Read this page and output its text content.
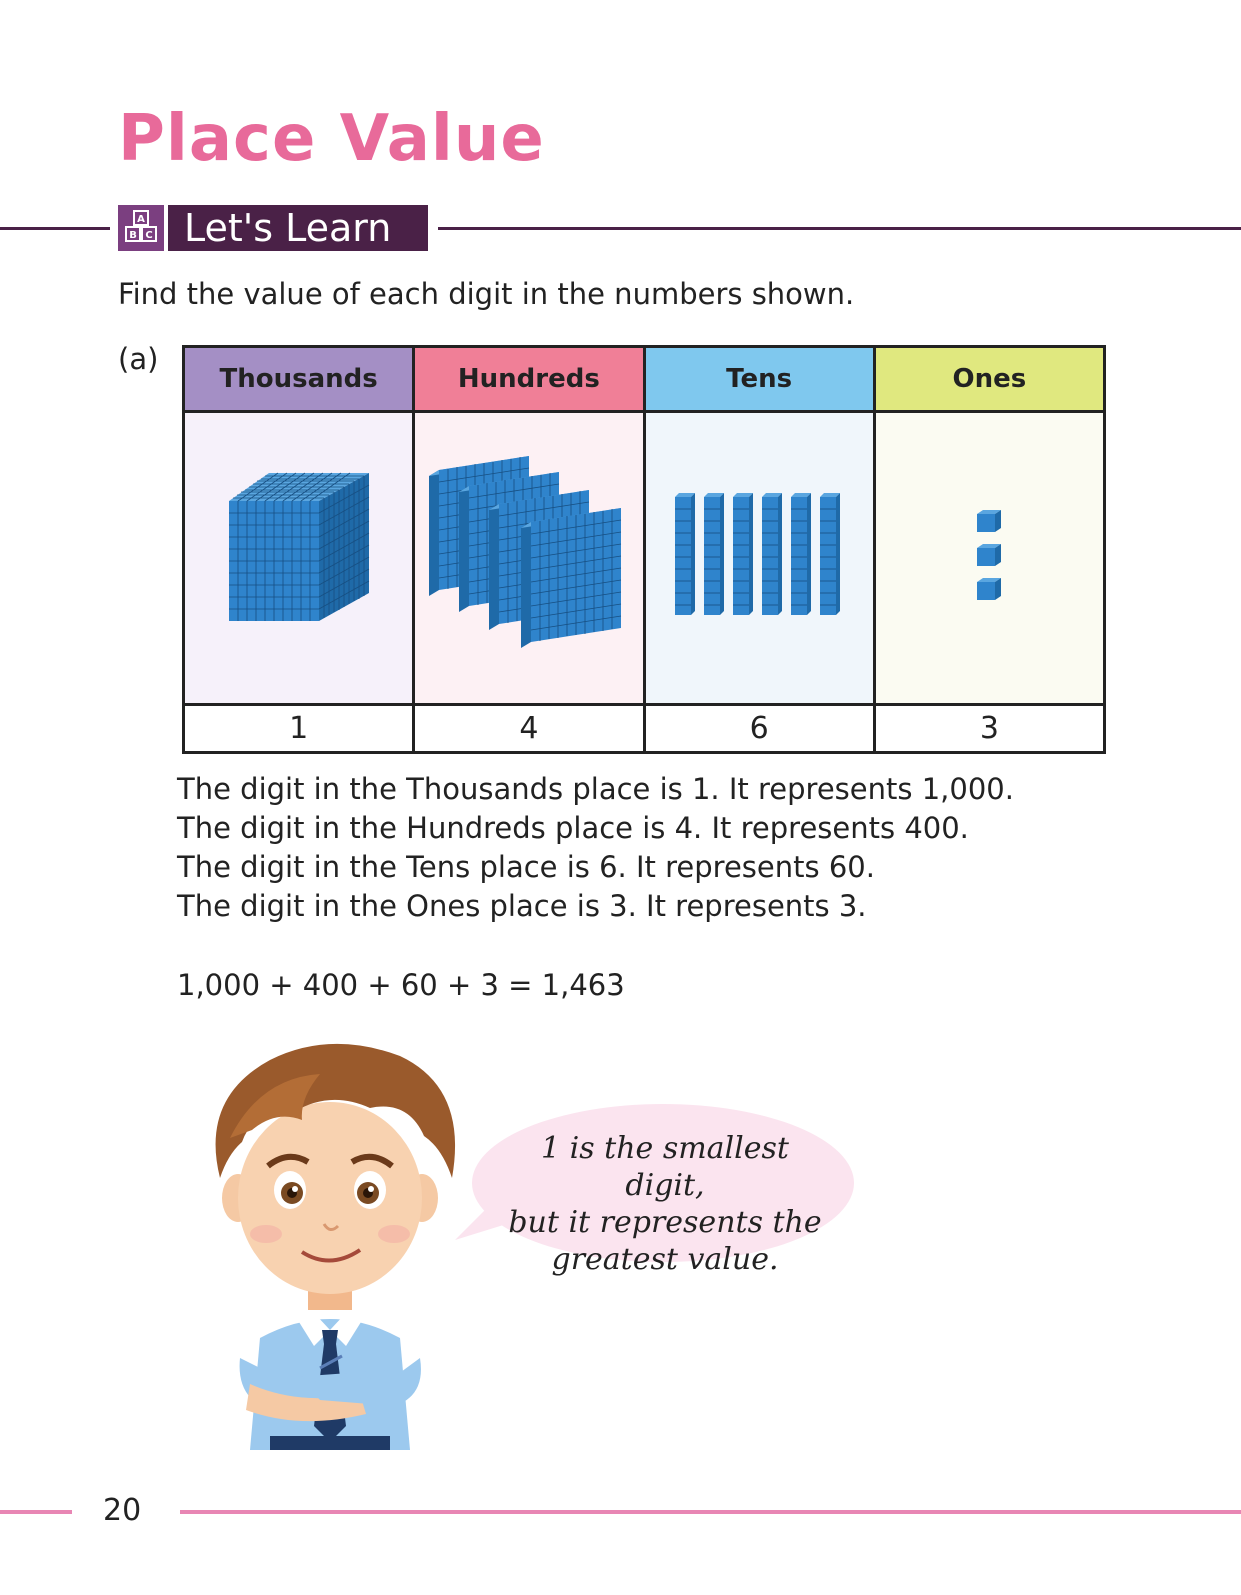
Place Value
A
B C Let's Learn
Find the value of each digit in the numbers shown.
(a)
Thousands	Hundreds	Tens	Ones

1	4	6	3
The digit in the Thousands place is 1. It represents 1,000.
The digit in the Hundreds place is 4. It represents 400.
The digit in the Tens place is 6. It represents 60.
The digit in the Ones place is 3. It represents 3.
1,000 + 400 + 60 + 3 = 1,463
1 is the smallest digit,
but it represents the
greatest value.
20
